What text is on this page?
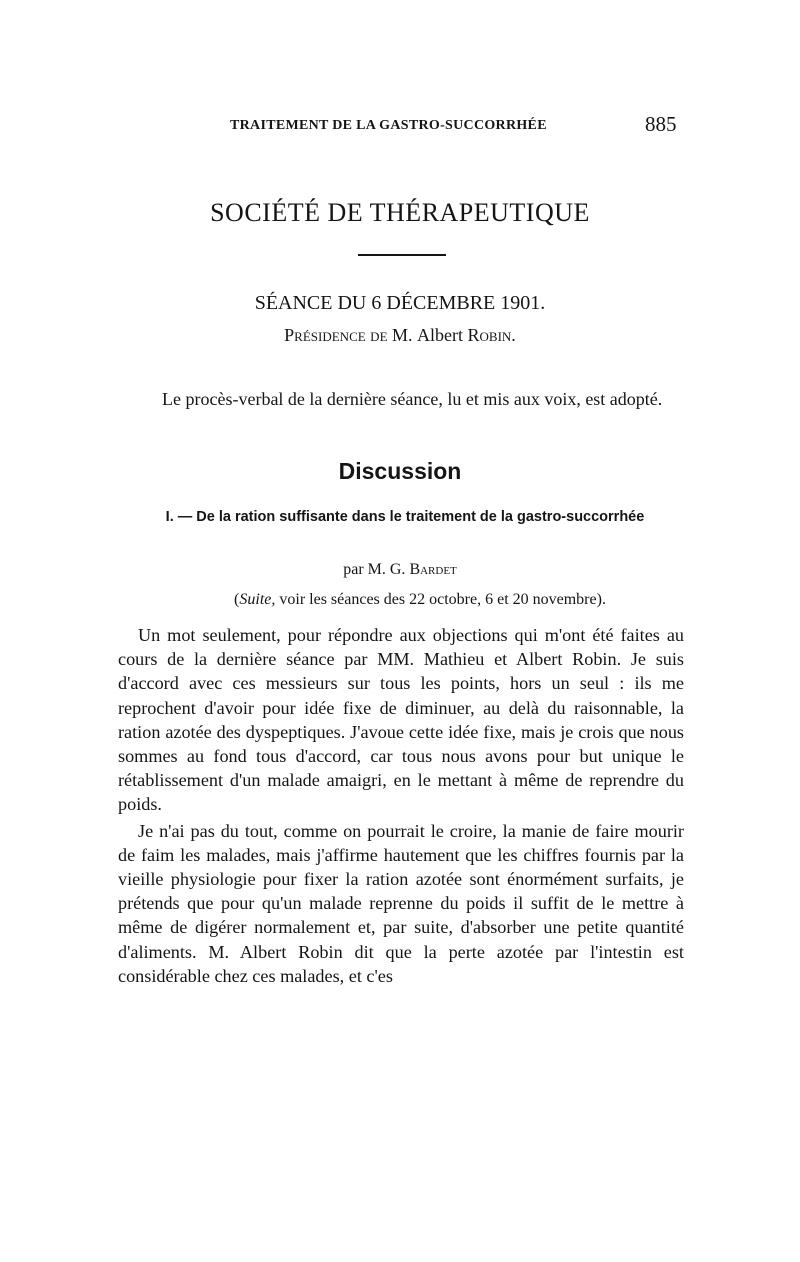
TRAITEMENT DE LA GASTRO-SUCCORRHÉE	885
SOCIÉTÉ DE THÉRAPEUTIQUE
SÉANCE DU 6 DÉCEMBRE 1901.
Présidence de M. Albert Robin.
Le procès-verbal de la dernière séance, lu et mis aux voix, est adopté.
Discussion
I. — De la ration suffisante dans le traitement de la gastro-succorrhée
par M. G. Bardet
(Suite, voir les séances des 22 octobre, 6 et 20 novembre).

Un mot seulement, pour répondre aux objections qui m'ont été faites au cours de la dernière séance par MM. Mathieu et Albert Robin. Je suis d'accord avec ces messieurs sur tous les points, hors un seul : ils me reprochent d'avoir pour idée fixe de diminuer, au delà du raisonnable, la ration azotée des dyspeptiques. J'avoue cette idée fixe, mais je crois que nous sommes au fond tous d'accord, car tous nous avons pour but unique le rétablissement d'un malade amaigri, en le mettant à même de reprendre du poids.

Je n'ai pas du tout, comme on pourrait le croire, la manie de faire mourir de faim les malades, mais j'affirme hautement que les chiffres fournis par la vieille physiologie pour fixer la ration azotée sont énormément surfaits, je prétends que pour qu'un malade reprenne du poids il suffit de le mettre à même de digérer normalement et, par suite, d'absorber une petite quantité d'aliments. M. Albert Robin dit que la perte azotée par l'intestin est considérable chez ces malades, et c'es
